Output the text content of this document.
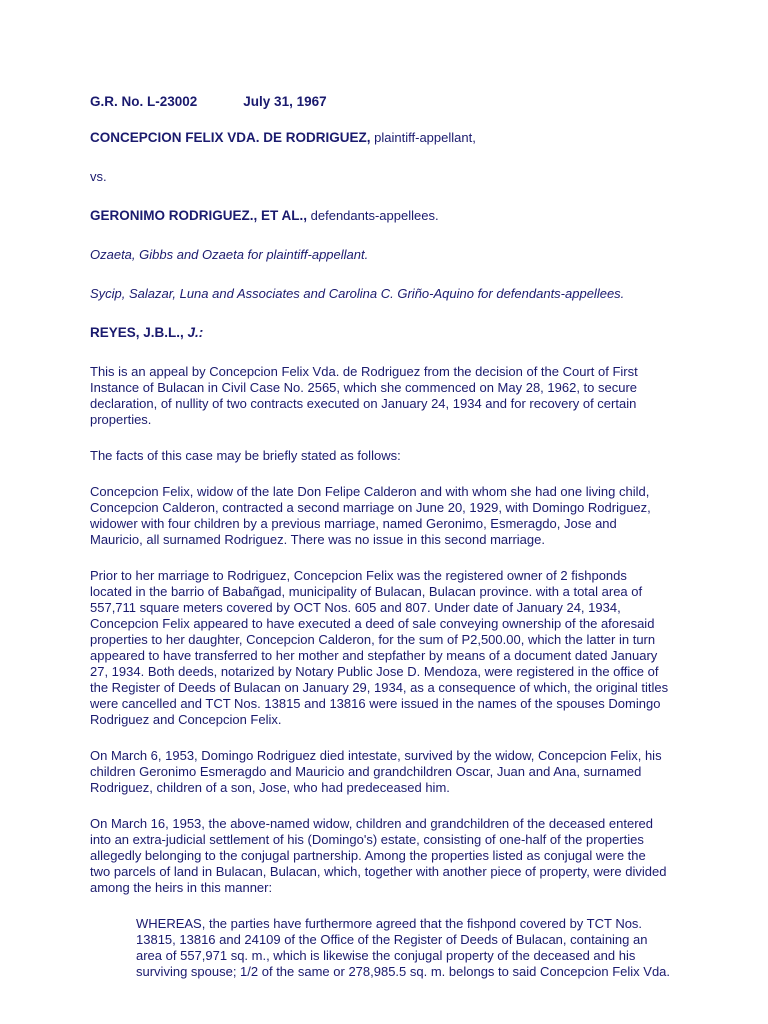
G.R. No. L-23002	July 31, 1967

CONCEPCION FELIX VDA. DE RODRIGUEZ, plaintiff-appellant,

vs.

GERONIMO RODRIGUEZ., ET AL., defendants-appellees.

Ozaeta, Gibbs and Ozaeta for plaintiff-appellant.

Sycip, Salazar, Luna and Associates and Carolina C. Griño-Aquino for defendants-appellees.

REYES, J.B.L., J.:

This is an appeal by Concepcion Felix Vda. de Rodriguez from the decision of the Court of First

Instance of Bulacan in Civil Case No. 2565, which she commenced on May 28, 1962, to secure

declaration, of nullity of two contracts executed on January 24, 1934 and for recovery of certain

properties.

The facts of this case may be briefly stated as follows:

Concepcion Felix, widow of the late Don Felipe Calderon and with whom she had one living child,

Concepcion Calderon, contracted a second marriage on June 20, 1929, with Domingo Rodriguez,

widower with four children by a previous marriage, named Geronimo, Esmeragdo, Jose and

Mauricio, all surnamed Rodriguez. There was no issue in this second marriage.

Prior to her marriage to Rodriguez, Concepcion Felix was the registered owner of 2 fishponds

located in the barrio of Babañgad, municipality of Bulacan, Bulacan province. with a total area of

557,711 square meters covered by OCT Nos. 605 and 807. Under date of January 24, 1934,

Concepcion Felix appeared to have executed a deed of sale conveying ownership of the aforesaid

properties to her daughter, Concepcion Calderon, for the sum of P2,500.00, which the latter in turn

appeared to have transferred to her mother and stepfather by means of a document dated January

27, 1934. Both deeds, notarized by Notary Public Jose D. Mendoza, were registered in the office of

the Register of Deeds of Bulacan on January 29, 1934, as a consequence of which, the original titles

were cancelled and TCT Nos. 13815 and 13816 were issued in the names of the spouses Domingo

Rodriguez and Concepcion Felix.

On March 6, 1953, Domingo Rodriguez died intestate, survived by the widow, Concepcion Felix, his

children Geronimo Esmeragdo and Mauricio and grandchildren Oscar, Juan and Ana, surnamed

Rodriguez, children of a son, Jose, who had predeceased him.

On March 16, 1953, the above-named widow, children and grandchildren of the deceased entered

into an extra-judicial settlement of his (Domingo's) estate, consisting of one-half of the properties

allegedly belonging to the conjugal partnership. Among the properties listed as conjugal were the

two parcels of land in Bulacan, Bulacan, which, together with another piece of property, were divided

among the heirs in this manner:

WHEREAS, the parties have furthermore agreed that the fishpond covered by TCT Nos.

13815, 13816 and 24109 of the Office of the Register of Deeds of Bulacan, containing an

area of 557,971 sq. m., which is likewise the conjugal property of the deceased and his

surviving spouse; 1/2 of the same or 278,985.5 sq. m. belongs to said Concepcion Felix Vda.
